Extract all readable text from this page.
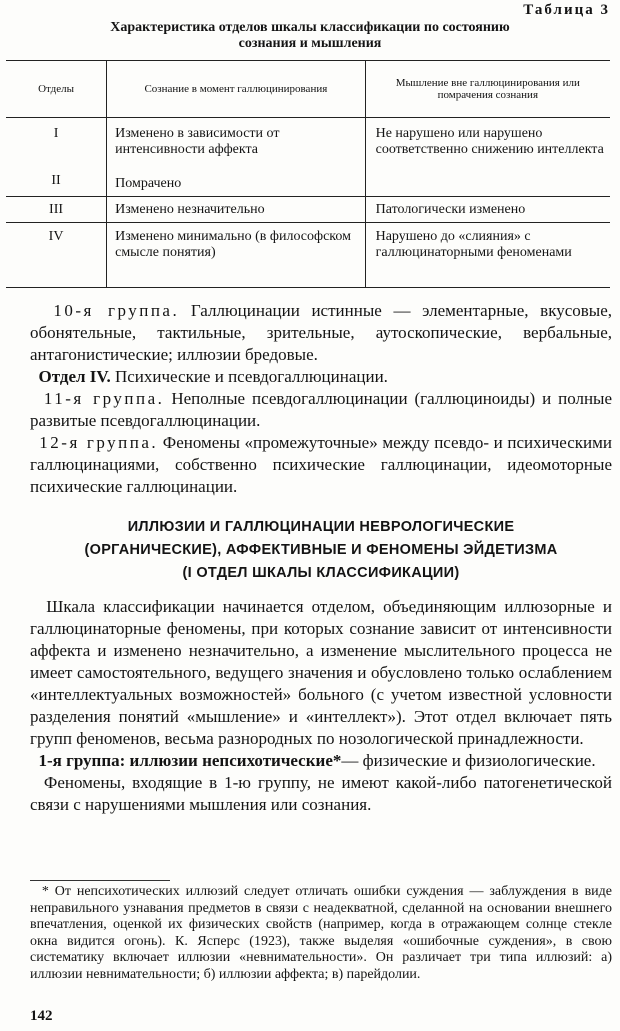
Таблица 3
Характеристика отделов шкалы классификации по состоянию
сознания и мышления
Отделы	Сознание в момент галлюцинирования	Мышление вне галлюцинирования или помрачения сознания
I	Изменено в зависимости от интенсивности аффекта	Не нарушено или нарушено соответственно снижению интеллекта
II	Помрачено	
III	Изменено незначительно	Патологически изменено
IV	Изменено минимально (в философском смысле понятия)	Нарушено до «слияния» с галлюцинаторными феноменами

10-я группа. Галлюцинации истинные — элементарные, вкусовые, обонятельные, тактильные, зрительные, аутоскопические, вербальные, антагонистические; иллюзии бредовые.

Отдел IV. Психические и псевдогаллюцинации.

11-я группа. Неполные псевдогаллюцинации (галлюциноиды) и полные развитые псевдогаллюцинации.

12-я группа. Феномены «промежуточные» между псевдо- и психическими галлюцинациями, собственно психические галлюцинации, идеомоторные психические галлюцинации.

ИЛЛЮЗИИ И ГАЛЛЮЦИНАЦИИ НЕВРОЛОГИЧЕСКИЕ
(ОРГАНИЧЕСКИЕ), АФФЕКТИВНЫЕ И ФЕНОМЕНЫ ЭЙДЕТИЗМА
(I ОТДЕЛ ШКАЛЫ КЛАССИФИКАЦИИ)

Шкала классификации начинается отделом, объединяющим иллюзорные и галлюцинаторные феномены, при которых сознание зависит от интенсивности аффекта и изменено незначительно, а изменение мыслительного процесса не имеет самостоятельного, ведущего значения и обусловлено только ослаблением «интеллектуальных возможностей» больного (с учетом известной условности разделения понятий «мышление» и «интеллект»). Этот отдел включает пять групп феноменов, весьма разнородных по нозологической принадлежности.

1-я группа: иллюзии непсихотические*— физические и физиологические.

Феномены, входящие в 1-ю группу, не имеют какой-либо патогенетической связи с нарушениями мышления или сознания.

* От непсихотических иллюзий следует отличать ошибки суждения — заблуждения в виде неправильного узнавания предметов в связи с неадекватной, сделанной на основании внешнего впечатления, оценкой их физических свойств (например, когда в отражающем солнце стекле окна видится огонь). К. Ясперс (1923), также выделяя «ошибочные суждения», в свою систематику включает иллюзии «невнимательности». Он различает три типа иллюзий: а) иллюзии невнимательности; б) иллюзии аффекта; в) парейдолии.

142
